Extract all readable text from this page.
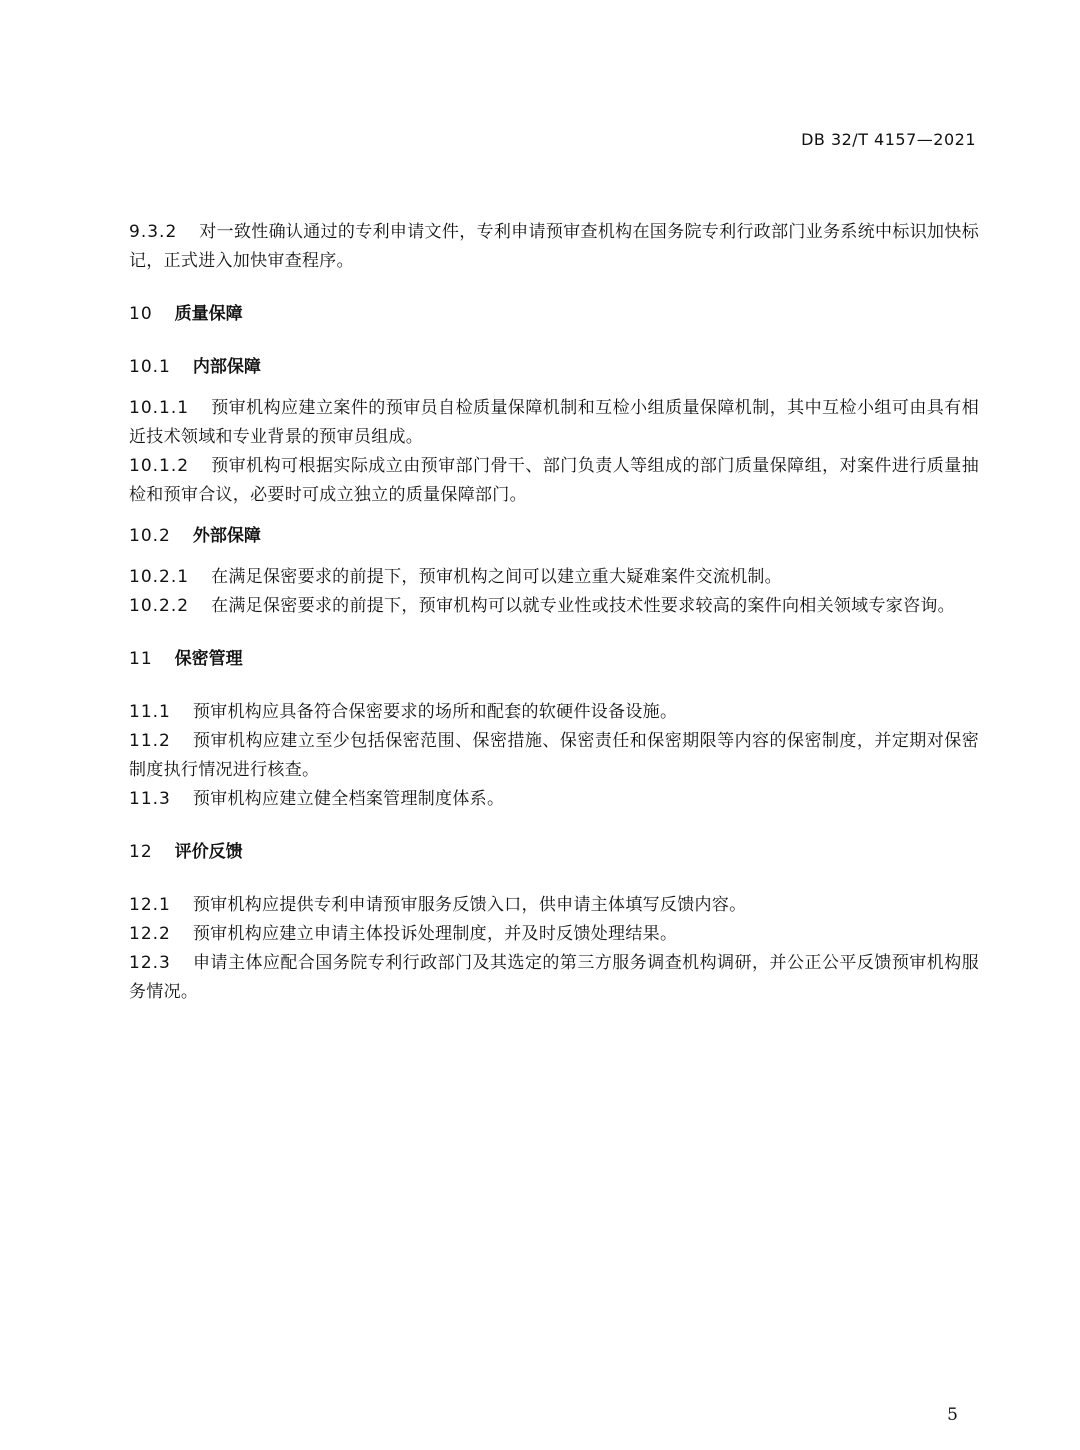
DB 32/T 4157—2021

9.3.2 对一致性确认通过的专利申请文件，专利申请预审查机构在国务院专利行政部门业务系统中标识加快标记，正式进入加快审查程序。

10 质量保障

10.1 内部保障

10.1.1 预审机构应建立案件的预审员自检质量保障机制和互检小组质量保障机制，其中互检小组可由具有相近技术领域和专业背景的预审员组成。

10.1.2 预审机构可根据实际成立由预审部门骨干、部门负责人等组成的部门质量保障组，对案件进行质量抽检和预审合议，必要时可成立独立的质量保障部门。

10.2 外部保障

10.2.1 在满足保密要求的前提下，预审机构之间可以建立重大疑难案件交流机制。

10.2.2 在满足保密要求的前提下，预审机构可以就专业性或技术性要求较高的案件向相关领域专家咨询。

11 保密管理

11.1 预审机构应具备符合保密要求的场所和配套的软硬件设备设施。

11.2 预审机构应建立至少包括保密范围、保密措施、保密责任和保密期限等内容的保密制度，并定期对保密制度执行情况进行核查。

11.3 预审机构应建立健全档案管理制度体系。

12 评价反馈

12.1 预审机构应提供专利申请预审服务反馈入口，供申请主体填写反馈内容。

12.2 预审机构应建立申请主体投诉处理制度，并及时反馈处理结果。

12.3 申请主体应配合国务院专利行政部门及其选定的第三方服务调查机构调研，并公正公平反馈预审机构服务情况。

5
